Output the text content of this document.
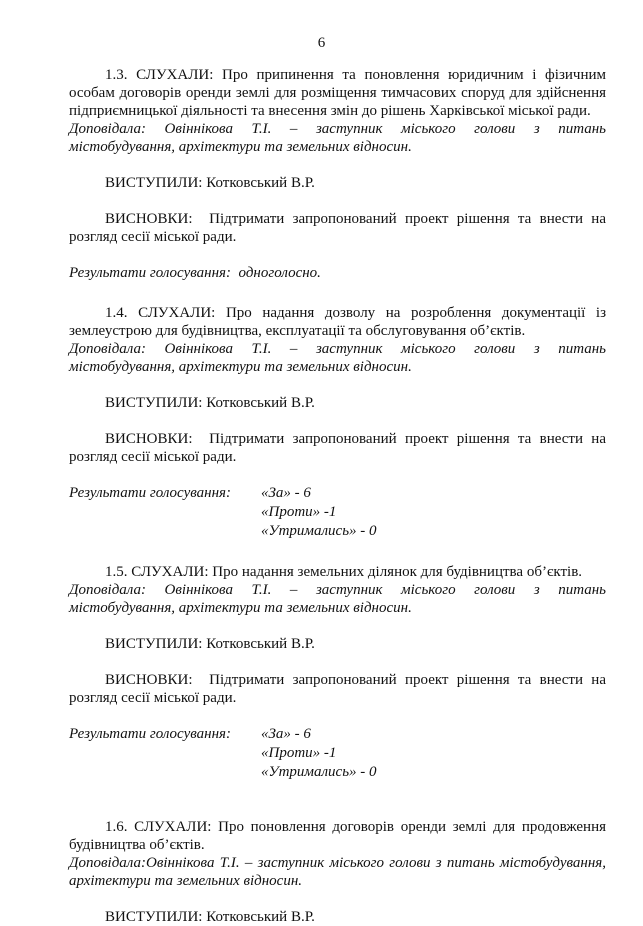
6

1.3. СЛУХАЛИ: Про припинення та поновлення юридичним і фізичним особам договорів оренди землі для розміщення тимчасових споруд для здійснення підприємницької діяльності та внесення змін до рішень Харківської міської ради.

Доповідала: Овіннікова Т.І. – заступник міського голови з питань

містобудування, архітектури та земельних відносин.

ВИСТУПИЛИ: Котковський В.Р.

ВИСНОВКИ: Підтримати запропонований проект рішення та внести на розгляд сесії міської ради.

Результати голосування: одноголосно.

1.4. СЛУХАЛИ: Про надання дозволу на розроблення документації із землеустрою для будівництва, експлуатації та обслуговування об’єктів.

Доповідала: Овіннікова Т.І. – заступник міського голови з питань

містобудування, архітектури та земельних відносин.

ВИСТУПИЛИ: Котковський В.Р.

ВИСНОВКИ: Підтримати запропонований проект рішення та внести на розгляд сесії міської ради.

Результати голосування:	«За» - 6
«Проти» -1
«Утримались» - 0

1.5. СЛУХАЛИ: Про надання земельних ділянок для будівництва об’єктів.

Доповідала: Овіннікова Т.І. – заступник міського голови з питань

містобудування, архітектури та земельних відносин.

ВИСТУПИЛИ: Котковський В.Р.

ВИСНОВКИ: Підтримати запропонований проект рішення та внести на розгляд сесії міської ради.

Результати голосування:	«За» - 6
«Проти» -1
«Утримались» - 0

1.6. СЛУХАЛИ: Про поновлення договорів оренди землі для продовження будівництва об’єктів.

Доповідала:Овіннікова Т.І. – заступник міського голови з питань містобудування,

архітектури та земельних відносин.

ВИСТУПИЛИ: Котковський В.Р.
